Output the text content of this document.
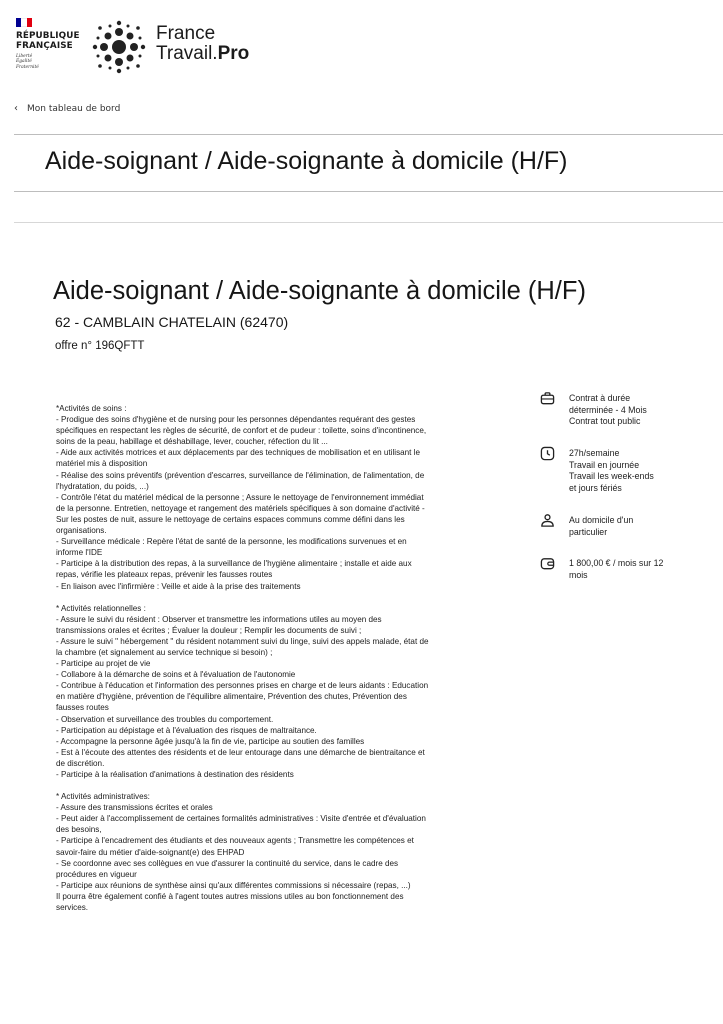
RÉPUBLIQUE
FRANÇAISE
Liberté
Égalité
Fraternité
France
Travail.Pro
‹ Mon tableau de bord
Aide-soignant / Aide-soignante à domicile (H/F)
Aide-soignant / Aide-soignante à domicile (H/F)
62 - CAMBLAIN CHATELAIN (62470)
offre n° 196QFTT
*Activités de soins :
- Prodigue des soins d'hygiène et de nursing pour les personnes dépendantes requérant des gestes
spécifiques en respectant les règles de sécurité, de confort et de pudeur : toilette, soins d'incontinence,
soins de la peau, habillage et déshabillage, lever, coucher, réfection du lit ...
- Aide aux activités motrices et aux déplacements par des techniques de mobilisation et en utilisant le
matériel mis à disposition
- Réalise des soins préventifs (prévention d'escarres, surveillance de l'élimination, de l'alimentation, de
l'hydratation, du poids, ...)
- Contrôle l'état du matériel médical de la personne ; Assure le nettoyage de l'environnement immédiat
de la personne. Entretien, nettoyage et rangement des matériels spécifiques à son domaine d'activité -
Sur les postes de nuit, assure le nettoyage de certains espaces communs comme défini dans les
organisations.
- Surveillance médicale : Repère l'état de santé de la personne, les modifications survenues et en
informe l'IDE
- Participe à la distribution des repas, à la surveillance de l'hygiène alimentaire ; installe et aide aux
repas, vérifie les plateaux repas, prévenir les fausses routes
- En liaison avec l'infirmière : Veille et aide à la prise des traitements
* Activités relationnelles :
- Assure le suivi du résident : Observer et transmettre les informations utiles au moyen des
transmissions orales et écrites ; Évaluer la douleur ; Remplir les documents de suivi ;
- Assure le suivi " hébergement " du résident notamment suivi du linge, suivi des appels malade, état de
la chambre (et signalement au service technique si besoin) ;
- Participe au projet de vie
- Collabore à la démarche de soins et à l'évaluation de l'autonomie
- Contribue à l'éducation et l'information des personnes prises en charge et de leurs aidants : Education
en matière d'hygiène, prévention de l'équilibre alimentaire, Prévention des chutes, Prévention des
fausses routes
- Observation et surveillance des troubles du comportement.
- Participation au dépistage et à l'évaluation des risques de maltraitance.
- Accompagne la personne âgée jusqu'à la fin de vie, participe au soutien des familles
- Est à l'écoute des attentes des résidents et de leur entourage dans une démarche de bientraitance et
de discrétion.
- Participe à la réalisation d'animations à destination des résidents
* Activités administratives:
- Assure des transmissions écrites et orales
- Peut aider à l'accomplissement de certaines formalités administratives : Visite d'entrée et d'évaluation
des besoins,
- Participe à l'encadrement des étudiants et des nouveaux agents ; Transmettre les compétences et
savoir-faire du métier d'aide-soignant(e) des EHPAD
- Se coordonne avec ses collègues en vue d'assurer la continuité du service, dans le cadre des
procédures en vigueur
- Participe aux réunions de synthèse ainsi qu'aux différentes commissions si nécessaire (repas, ...)
Il pourra être également confié à l'agent toutes autres missions utiles au bon fonctionnement des
services.
Contrat à durée
déterminée - 4 Mois
Contrat tout public
27h/semaine
Travail en journée
Travail les week-ends
et jours fériés
Au domicile d'un
particulier
1 800,00 € / mois sur 12
mois
